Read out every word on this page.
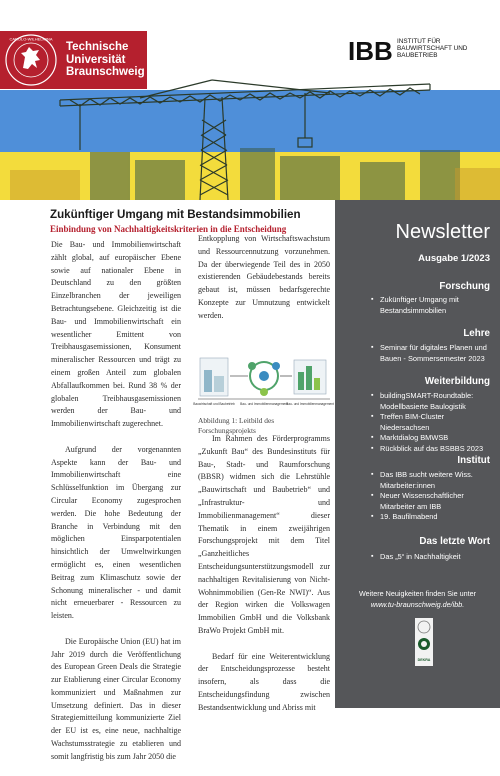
CAROLO-WILHELMINA
Technische
Universität
Braunschweig
IBB INSTITUT FÜR
BAUWIRTSCHAFT UND
BAUBETRIEB
Zukünftiger Umgang mit Bestandsimmobilien
Einbindung von Nachhaltigkeitskriterien in die Entscheidung

Die Bau- und Immobilienwirtschaft zählt global, auf europäischer Ebene sowie auf nationaler Ebene in Deutschland zu den größten Einzelbranchen der jeweiligen Betrachtungsebene. Gleichzeitig ist die Bau- und Immobilienwirtschaft ein wesentlicher Emittent von Treibhausgasemissionen, Konsument mineralischer Ressourcen und trägt zu einem großen Anteil zum globalen Abfallaufkommen bei. Rund 38 % der globalen Treibhausgasemissionen werden der Bau- und Immobilienwirtschaft zugerechnet.

Aufgrund der vorgenannten Aspekte kann der Bau- und Immobilienwirtschaft eine Schlüsselfunktion im Übergang zur Circular Economy zugesprochen werden. Die hohe Bedeutung der Branche in Verbindung mit den möglichen Einsparpotentialen hinsichtlich der Umweltwirkungen ermöglicht es, einen wesentlichen Beitrag zum Klimaschutz sowie der Schonung mineralischer - und damit nicht erneuerbarer - Ressourcen zu leisten.

Die Europäische Union (EU) hat im Jahr 2019 durch die Veröffentlichung des European Green Deals die Strategie zur Etablierung einer Circular Economy kommuniziert und Maßnahmen zur Umsetzung definiert. Das in dieser Strategiemitteilung kommunizierte Ziel der EU ist es, eine neue, nachhaltige Wachstumsstrategie zu etablieren und somit langfristig bis zum Jahr 2050 die

Entkopplung von Wirtschaftswachstum und Ressourcennutzung vorzunehmen. Da der überwiegende Teil des in 2050 existierenden Gebäudebestands bereits gebaut ist, müssen bedarfsgerechte Konzepte zur Umnutzung entwickelt werden.

Bauwirtschaft und Baubetrieb Bau- und Immobilienmanagement
Bau- und Immobilienmanagement
Abbildung 1: Leitbild des Forschungsprojekts

Im Rahmen des Förderprogramms „Zukunft Bau“ des Bundesinstituts für Bau-, Stadt- und Raumforschung (BBSR) widmen sich die Lehrstühle „Bauwirtschaft und Baubetrieb“ und „Infrastruktur- und Immobilienmanagement“ dieser Thematik in einem zweijährigen Forschungsprojekt mit dem Titel „Ganzheitliches Entscheidungsunterstützungsmodell zur nachhaltigen Revitalisierung von Nicht-Wohnimmobilien (Gen-Re NWI)“. Aus der Region wirken die Volkswagen Immobilien GmbH und die Volksbank BraWo Projekt GmbH mit.

Bedarf für eine Weiterentwicklung der Entscheidungsprozesse besteht insofern, als dass die Entscheidungsfindung zwischen Bestandsentwicklung und Abriss mit

Newsletter
Ausgabe 1/2023
Forschung
▪ Zukünftiger Umgang mit Bestandsimmobilien
Lehre
▪ Seminar für digitales Planen und Bauen - Sommersemester 2023
Weiterbildung
▪ buildingSMART-Roundtable: Modellbasierte Baulogistik
▪ Treffen BIM-Cluster Niedersachsen
▪ Marktdialog BMWSB
▪ Rückblick auf das BSBBS 2023
Institut
▪ Das IBB sucht weitere Wiss. Mitarbeiter:innen
▪ Neuer Wissenschaftlicher Mitarbeiter am IBB
▪ 19. Baufilmabend
Das letzte Wort
▪ Das „5“ in Nachhaltigkeit
Weitere Neuigkeiten finden Sie unter
www.tu-braunschweig.de/ibb.
DEKRA
